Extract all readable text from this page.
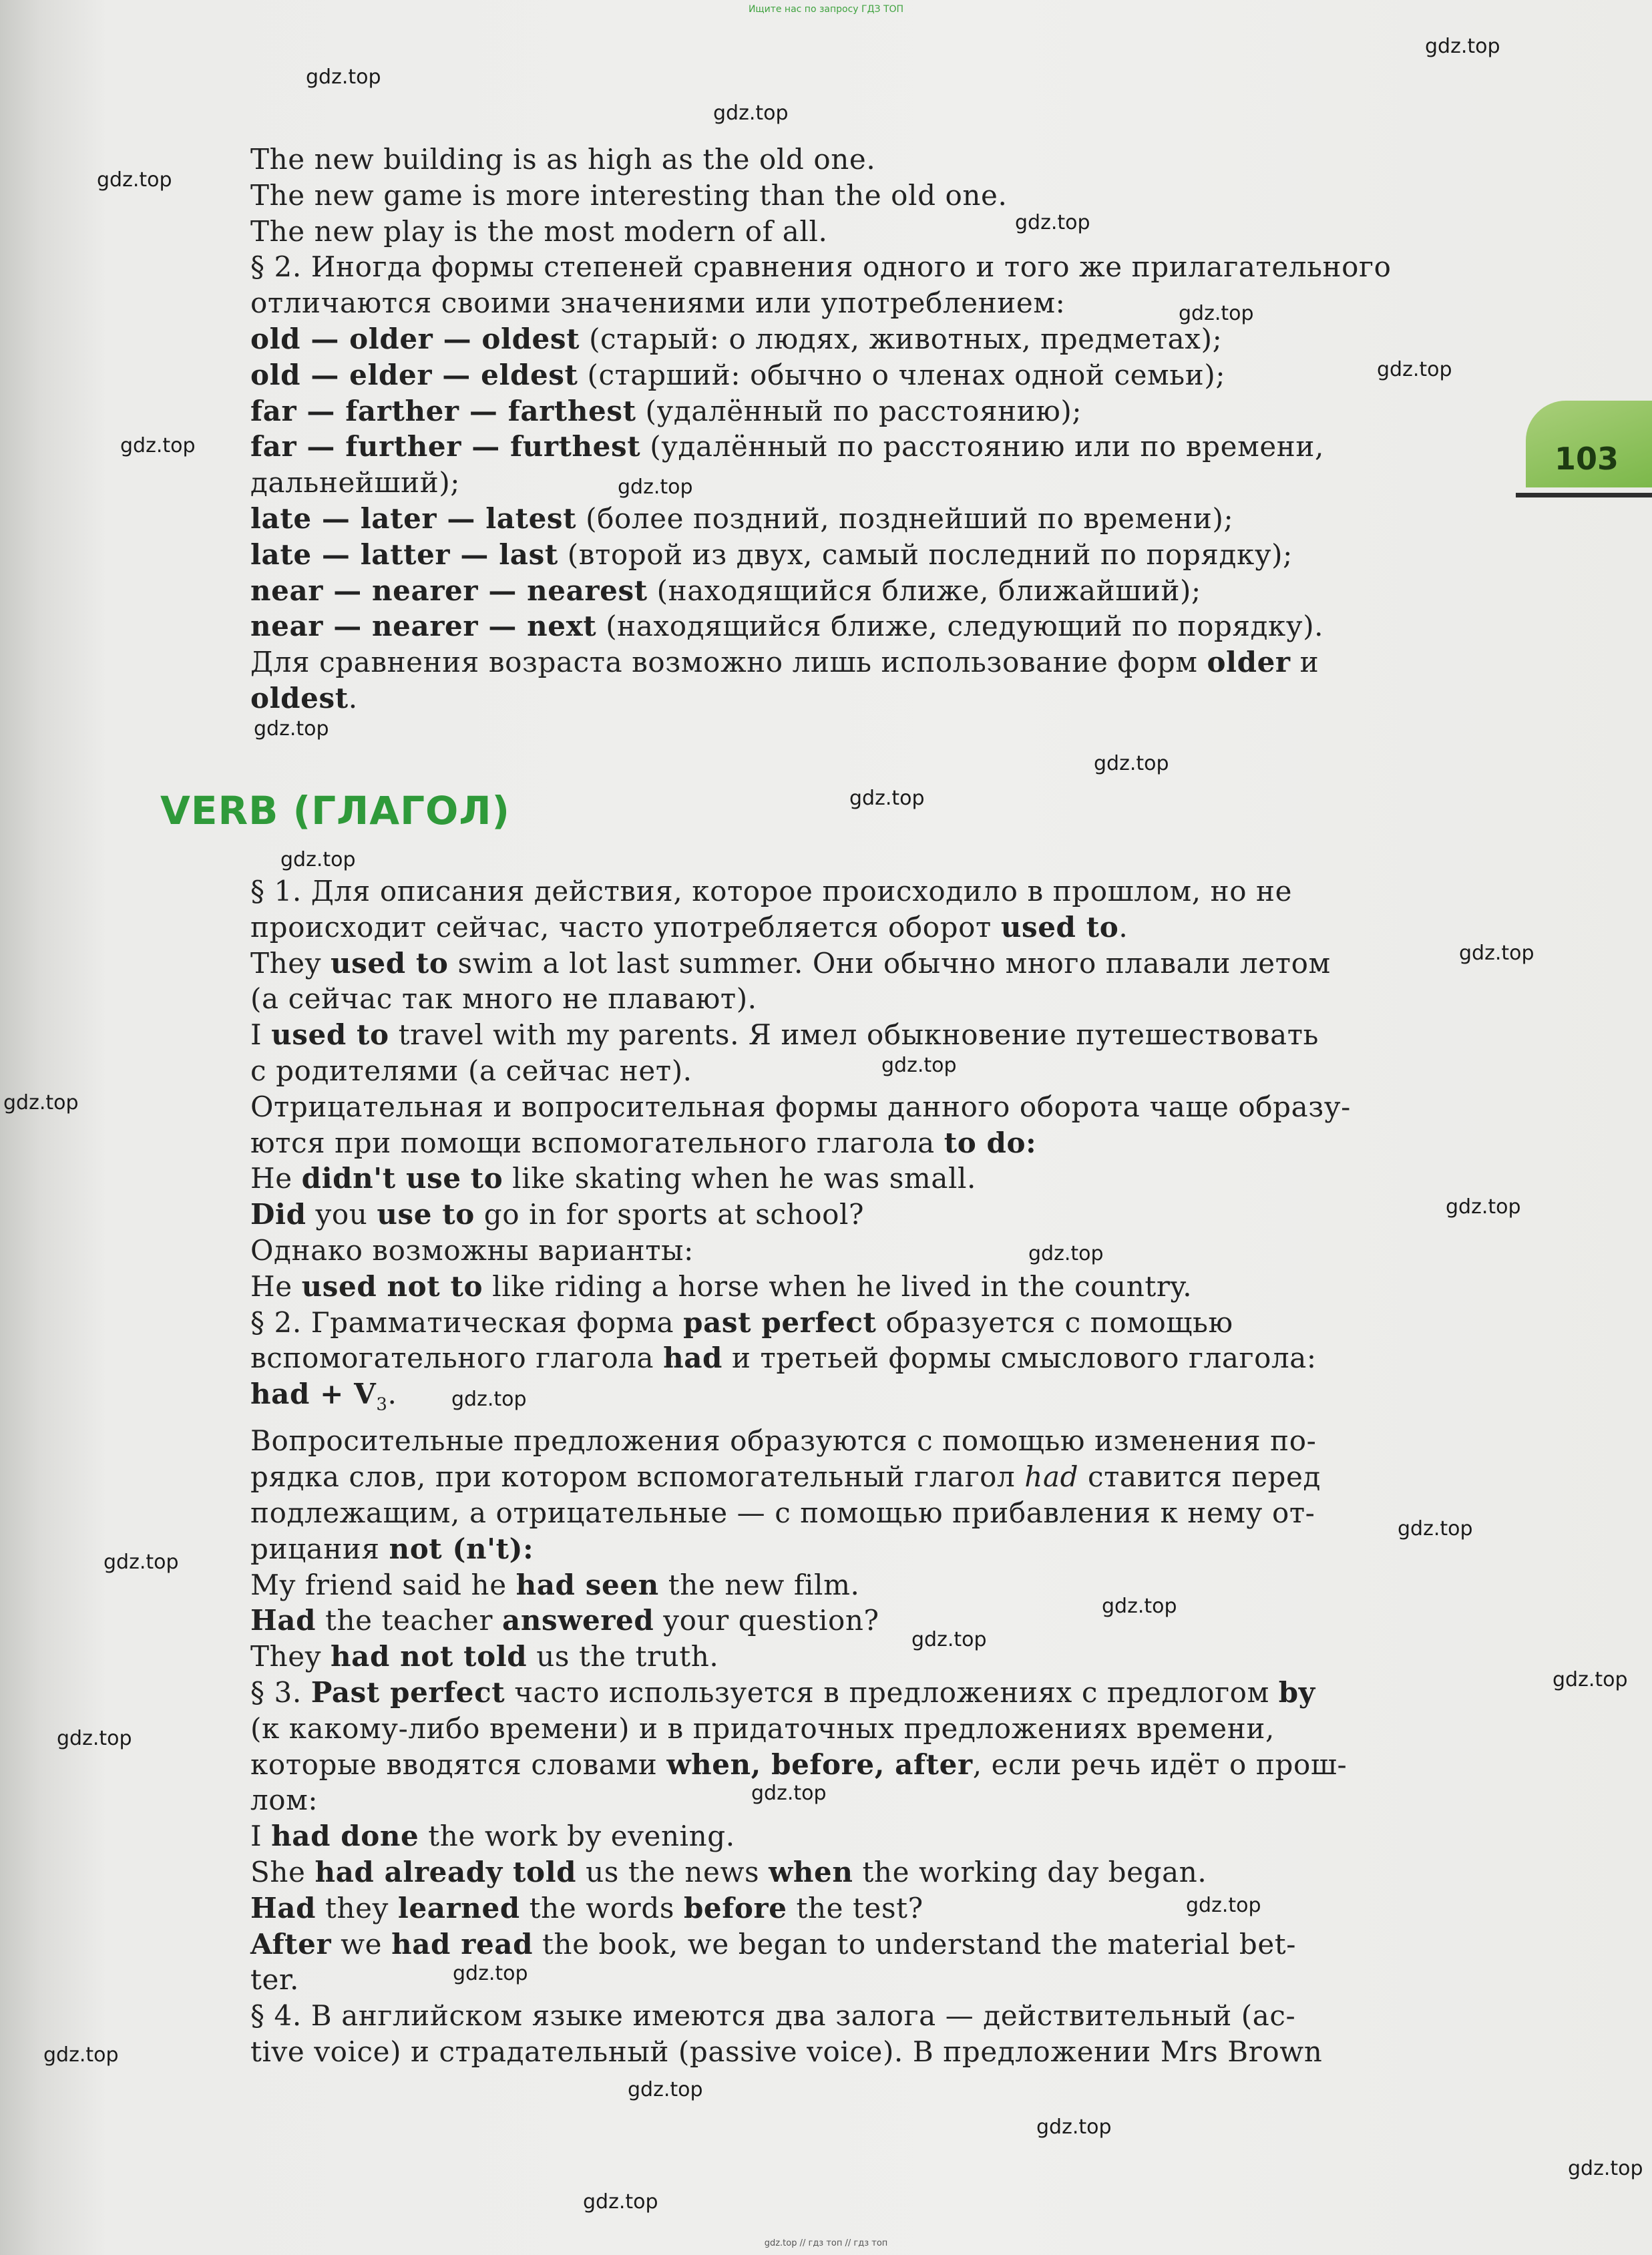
Ищите нас по запросу ГДЗ ТОП
103
The new building is as high as the old one.
The new game is more interesting than the old one.
The new play is the most modern of all.
§ 2. Иногда формы степеней сравнения одного и того же прилагательного
отличаются своими значениями или употреблением:
old — older — oldest (старый: о людях, животных, предметах);
old — elder — eldest (старший: обычно о членах одной семьи);
far — farther — farthest (удалённый по расстоянию);
far — further — furthest (удалённый по расстоянию или по времени,
дальнейший);
late — later — latest (более поздний, позднейший по времени);
late — latter — last (второй из двух, самый последний по порядку);
near — nearer — nearest (находящийся ближе, ближайший);
near — nearer — next (находящийся ближе, следующий по порядку).
Для сравнения возраста возможно лишь использование форм older и
oldest.
VERB (ГЛАГОЛ)
§ 1. Для описания действия, которое происходило в прошлом, но не
происходит сейчас, часто употребляется оборот used to.
They used to swim a lot last summer. Они обычно много плавали летом
(а сейчас так много не плавают).
I used to travel with my parents. Я имел обыкновение путешествовать
с родителями (а сейчас нет).
Отрицательная и вопросительная формы данного оборота чаще образу-
ются при помощи вспомогательного глагола to do:
He didn't use to like skating when he was small.
Did you use to go in for sports at school?
Однако возможны варианты:
He used not to like riding a horse when he lived in the country.
§ 2. Грамматическая форма past perfect образуется с помощью
вспомогательного глагола had и третьей формы смыслового глагола:
had + $V_3$.
Вопросительные предложения образуются с помощью изменения по-
рядка слов, при котором вспомогательный глагол had ставится перед
подлежащим, а отрицательные — с помощью прибавления к нему от-
рицания not (n't):
My friend said he had seen the new film.
Had the teacher answered your question?
They had not told us the truth.
§ 3. Past perfect часто используется в предложениях с предлогом by
(к какому-либо времени) и в придаточных предложениях времени,
которые вводятся словами when, before, after, если речь идёт о прош-
лом:
I had done the work by evening.
She had already told us the news when the working day began.
Had they learned the words before the test?
After we had read the book, we began to understand the material bet-
ter.
§ 4. В английском языке имеются два залога — действительный (ac-
tive voice) и страдательный (passive voice). В предложении Mrs Brown
gdz.top
gdz.top
gdz.top
gdz.top
gdz.top
gdz.top
gdz.top
gdz.top
gdz.top
gdz.top
gdz.top
gdz.top
gdz.top
gdz.top
gdz.top
gdz.top
gdz.top
gdz.top
gdz.top
gdz.top
gdz.top
gdz.top
gdz.top
gdz.top
gdz.top
gdz.top
gdz.top
gdz.top
gdz.top
gdz.top
gdz.top
gdz.top
gdz.top
gdz.top // гдз топ // гдз топ
